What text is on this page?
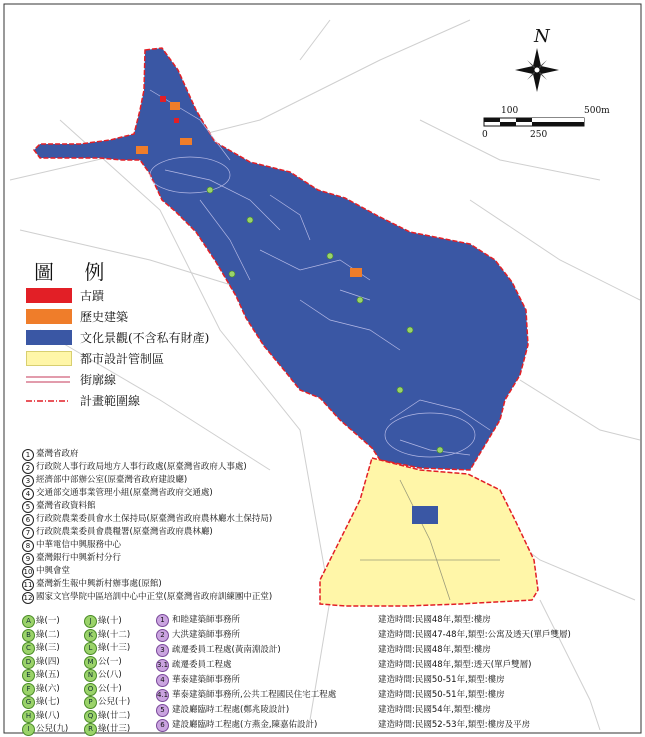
N
100	500m
0	250
圖 例
古蹟
歷史建築
文化景觀(不含私有財產)
都市設計管制區
街廓線
計畫範圍線
1 臺灣省政府
2 行政院人事行政局地方人事行政處(原臺灣省政府人事處)
3 經濟部中部辦公室(原臺灣省政府建設廳)
4 交通部交通事業管理小組(原臺灣省政府交通處)
5 臺灣省政資料館
6 行政院農業委員會水土保持局(原臺灣省政府農林廳水土保持局)
7 行政院農業委員會農糧署(原臺灣省政府農林廳)
8 中華電信中興服務中心
9 臺灣銀行中興新村分行
10 中興會堂
11 臺灣新生報中興新村辦事處(原館)
12 國家文官學院中區培訓中心中正堂(原臺灣省政府訓練團中正堂)
A 綠(一)	J 綠(十)
B 綠(二)	K 綠(十二)
C 綠(三)	L 綠(十三)
D 綠(四)	M 公(一)
E 綠(五)	N 公(八)
F 綠(六)	O 公(十)
G 綠(七)	P 公兒(十)
H 綠(八)	Q 綠(廿二)
I 公兒(九)	R 綠(廿三)
1 和睦建築師事務所	建造時間:民國48年,類型:樓房
2 大洪建築師事務所	建造時間:民國47-48年,類型:公寓及透天(單戶雙層)
3 疏遷委員工程處(黃南淵設計)	建造時間:民國48年,類型:樓房
3.1 疏遷委員工程處	建造時間:民國48年,類型:透天(單戶雙層)
4 華泰建築師事務所	建造時間:民國50-51年,類型:樓房
4.1 華泰建築師事務所,公共工程國民住宅工程處	建造時間:民國50-51年,類型:樓房
5 建設廳臨時工程處(鄭兆陵設計)	建造時間:民國54年,類型:樓房
6 建設廳臨時工程處(方燕金,陳嘉佑設計)	建造時間:民國52-53年,類型:樓房及平房
